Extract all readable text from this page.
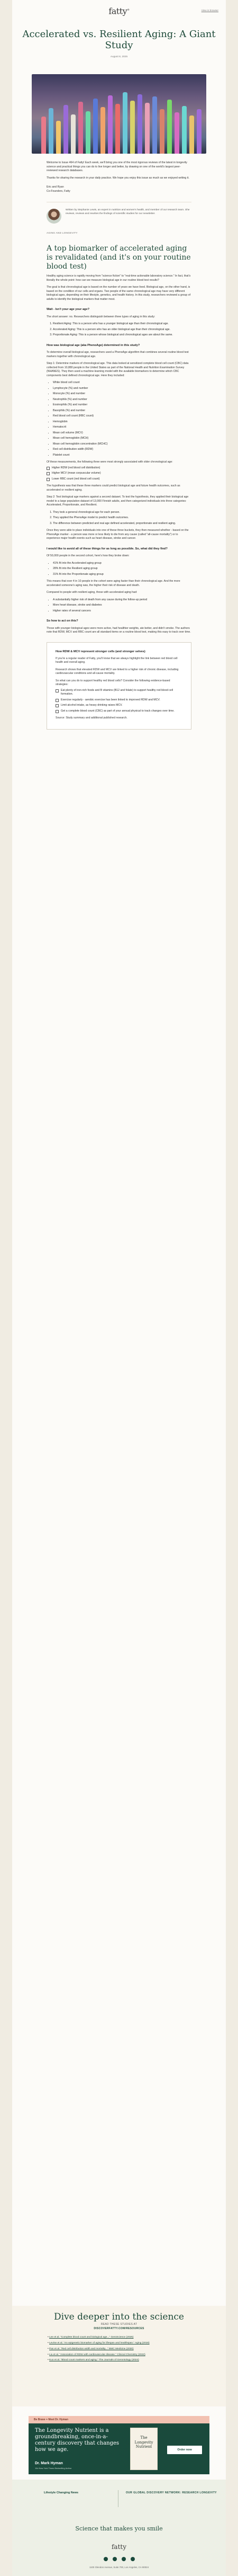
fatty®	View in browser
Accelerated vs. Resilient Aging: A Giant Study
August 8, 2025

Welcome to Issue 464 of Fatty! Each week, we'll bring you one of the most rigorous reviews of the latest in longevity science and practical things you can do to live longer and better, by drawing on one of the world's largest peer-reviewed research databases.

Thanks for sharing the research in your daily practice. We hope you enjoy this issue as much as we enjoyed writing it.

Eric and Ryan
Co-Founders, Fatty
Written by Stephanie Lewis, an expert in nutrition and women's health, and member of our research team. She reviews, reviews and rewrites the findings of scientific studies for our newsletter.
AGING AND LONGEVITY
A top biomarker of accelerated aging is revalidated (and it's on your routine blood test)

Healthy aging science is rapidly moving from "science fiction" to "real-time actionable laboratory science." In fact, that's literally the whole point: how can we measure biological age in our routine blood test results?

The goal is that chronological age is based on the number of years we have lived. Biological age, on the other hand, is based on the condition of our cells and organs. Two people of the same chronological age may have very different biological ages, depending on their lifestyle, genetics, and health history. In this study, researchers reviewed a group of adults to identify the biological markers that matter most.

Wait - Isn't your age your age?

The short answer: no. Researchers distinguish between three types of aging in this study:

1. Resilient Aging: This is a person who has a younger biological age than their chronological age.
2. Accelerated Aging: This is a person who has an older biological age than their chronological age.
3. Proportionate Aging: This is a person whose biological and chronological ages are about the same.
How was biological age (aka PhenoAge) determined in this study?

To determine overall biological age, researchers used a PhenoAge algorithm that combines several routine blood test markers together with chronological age.

Step 1: Determine markers of chronological age. This data looked at sensitized complete blood cell count (CBC) data collected from 10,880 people in the United States as part of the National Health and Nutrition Examination Survey (NHANES). They then used a machine-learning model with the available biomarkers to determine which CBC components best defined chronological age. Here they included:

• White blood cell count
• Lymphocyte (%) and number
• Monocyte (%) and number
• Neutrophils (%) and number
• Eosinophils (%) and number
• Basophils (%) and number
• Red blood cell count (RBC count)
• Hemoglobin
• Hematocrit
• Mean cell volume (MCV)
• Mean cell hemoglobin (MCH)
• Mean cell hemoglobin concentration (MCHC)
• Red cell distribution width (RDW)
• Platelet count

Of these measurements, the following three were most strongly associated with older chronological age:

Higher RDW (red blood cell distribution)
Higher MCV (mean corpuscular volume)
Lower RBC count (red blood cell count)

The hypothesis was that these three markers could predict biological age and future health outcomes, such as accelerated or resilient aging.

Step 2: Test biological age markers against a second dataset. To test the hypothesis, they applied their biological age model to a large population dataset of 13,000 Finnish adults, and then categorized individuals into three categories: Accelerated, Proportionate, and Resilient.

1. They took a general chronological age for each person.
2. They applied the PhenoAge model to predict health outcomes.
3. The difference between predicted and real age defined accelerated, proportionate and resilient aging.

Once they were able to place individuals into one of these three buckets, they then measured whether - based on the PhenoAge marker - a person was more or less likely to die from any cause (called "all-cause mortality") or to experience major health events such as heart disease, stroke and cancer.

I would like to avoid all of these things for as long as possible. So, what did they find?

Of 50,000 people in the second cohort, here's how they broke down:

• 41% fit into the Accelerated aging group
• 28% fit into the Resilient aging group
• 31% fit into the Proportionate aging group

This means that over 4 in 10 people in the cohort were aging faster than their chronological age. And the more accelerated someone's aging was, the higher their risk of disease and death.

Compared to people with resilient aging, those with accelerated aging had:

• A substantially higher risk of death from any cause during the follow-up period
• More heart disease, stroke and diabetes
• Higher rates of several cancers
So how to act on this?

Those with younger biological ages were more active, had healthier weights, ate better, and didn't smoke. The authors note that RDW, MCV and RBC count are all standard items on a routine blood test, making this easy to track over time.

How RDW & MCV represent stronger cells (and stronger selves)

If you're a regular reader of Fatty, you'll know that we always highlight the link between red blood cell health and overall aging.

Research shows that elevated RDW and MCV are linked to a higher risk of chronic disease, including cardiovascular conditions and all-cause mortality.

So what can you do to support healthy red blood cells? Consider the following evidence-based strategies:

Eat plenty of iron-rich foods and B vitamins (B12 and folate) to support healthy red blood cell formation.
Exercise regularly - aerobic exercise has been linked to improved RDW and MCV.
Limit alcohol intake, as heavy drinking raises MCV.
Get a complete blood count (CBC) as part of your annual physical to track changes over time.

Source: Study summary and additional published research.

Dive deeper into the science
READ THESE STUDIES AT
DISCOVERFATTY.COM/RESOURCES
• Lee et al. "Complete blood count and biological age..." GeroScience (2025)
• Levine et al. "An epigenetic biomarker of aging for lifespan and healthspan." Aging (2018)
• Pan et al. "Red cell distribution width and mortality..." BMC Medicine (2020)
• Liu et al. "Association of RDW with cardiovascular disease." Clinical Chemistry (2022)
• Kuo et al. "Blood count markers and aging." The Journals of Gerontology (2024)
Be Brave + Meet Dr. Hyman
The Longevity Nutrient is a groundbreaking, once-in-a-century discovery that changes how we age.
Dr. Mark Hyman
16x New York Times Bestselling Author
The Longevity Nutrient
Order now
Lifestyle Changing News	OUR GLOBAL DISCOVERY NETWORK: RESEARCH LONGEVITY
Science that makes you smile
fatty
1100 Glendon Avenue, Suite 700, Los Angeles, CA 90024
